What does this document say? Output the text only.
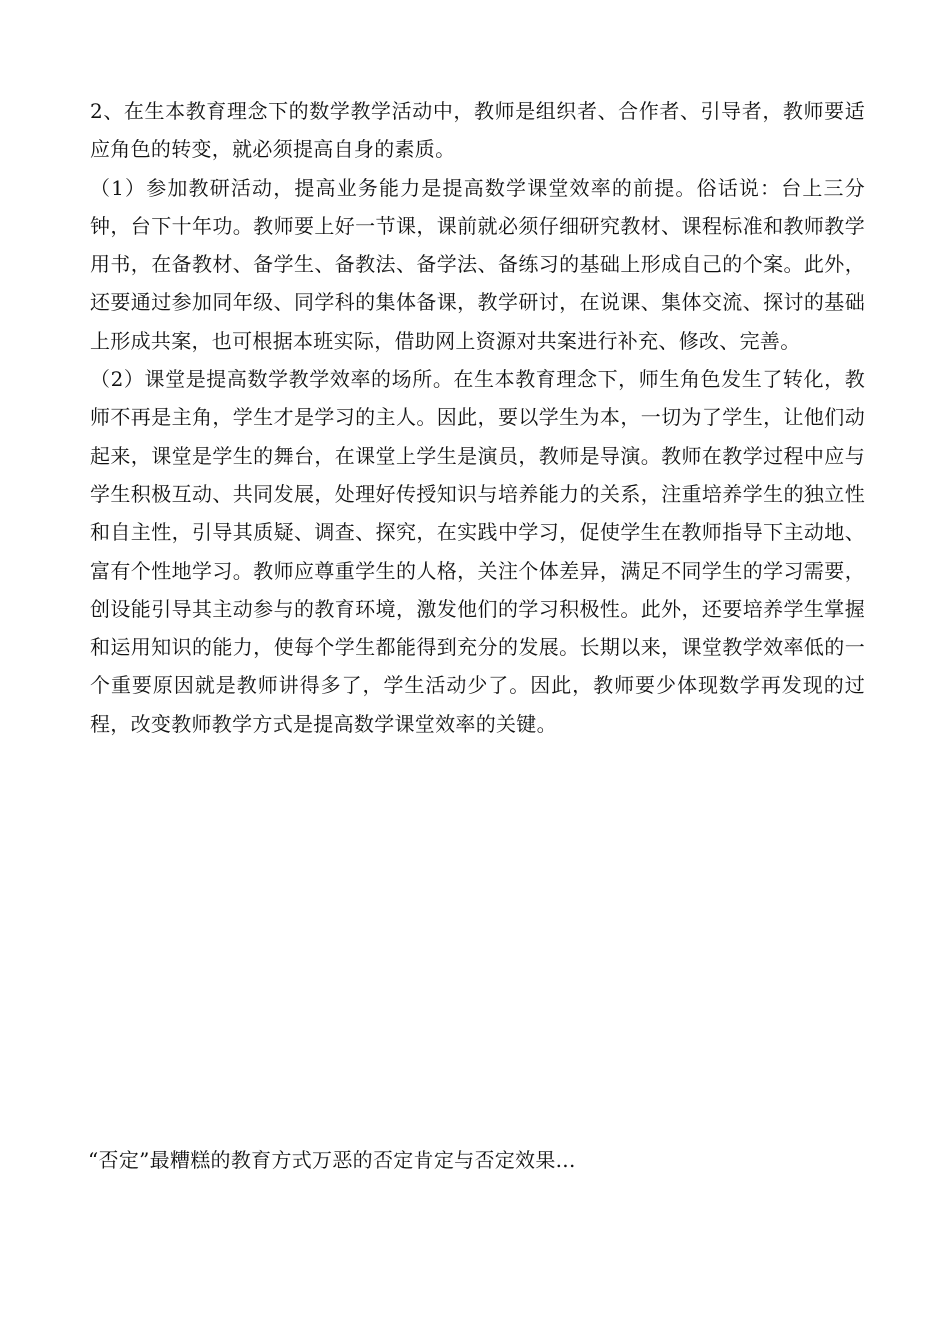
2、在生本教育理念下的数学教学活动中，教师是组织者、合作者、引导者，教师要适应角色的转变，就必须提高自身的素质。

（1）参加教研活动，提高业务能力是提高数学课堂效率的前提。俗话说：台上三分钟，台下十年功。教师要上好一节课，课前就必须仔细研究教材、课程标准和教师教学用书，在备教材、备学生、备教法、备学法、备练习的基础上形成自己的个案。此外，还要通过参加同年级、同学科的集体备课，教学研讨，在说课、集体交流、探讨的基础上形成共案，也可根据本班实际，借助网上资源对共案进行补充、修改、完善。

（2）课堂是提高数学教学效率的场所。在生本教育理念下，师生角色发生了转化，教师不再是主角，学生才是学习的主人。因此，要以学生为本，一切为了学生，让他们动起来，课堂是学生的舞台，在课堂上学生是演员，教师是导演。教师在教学过程中应与学生积极互动、共同发展，处理好传授知识与培养能力的关系，注重培养学生的独立性和自主性，引导其质疑、调查、探究，在实践中学习，促使学生在教师指导下主动地、富有个性地学习。教师应尊重学生的人格，关注个体差异，满足不同学生的学习需要，创设能引导其主动参与的教育环境，激发他们的学习积极性。此外，还要培养学生掌握和运用知识的能力，使每个学生都能得到充分的发展。长期以来，课堂教学效率低的一个重要原因就是教师讲得多了，学生活动少了。因此，教师要少体现数学再发现的过程，改变教师教学方式是提高数学课堂效率的关键。

“否定”最糟糕的教育方式万恶的否定肯定与否定效果...
